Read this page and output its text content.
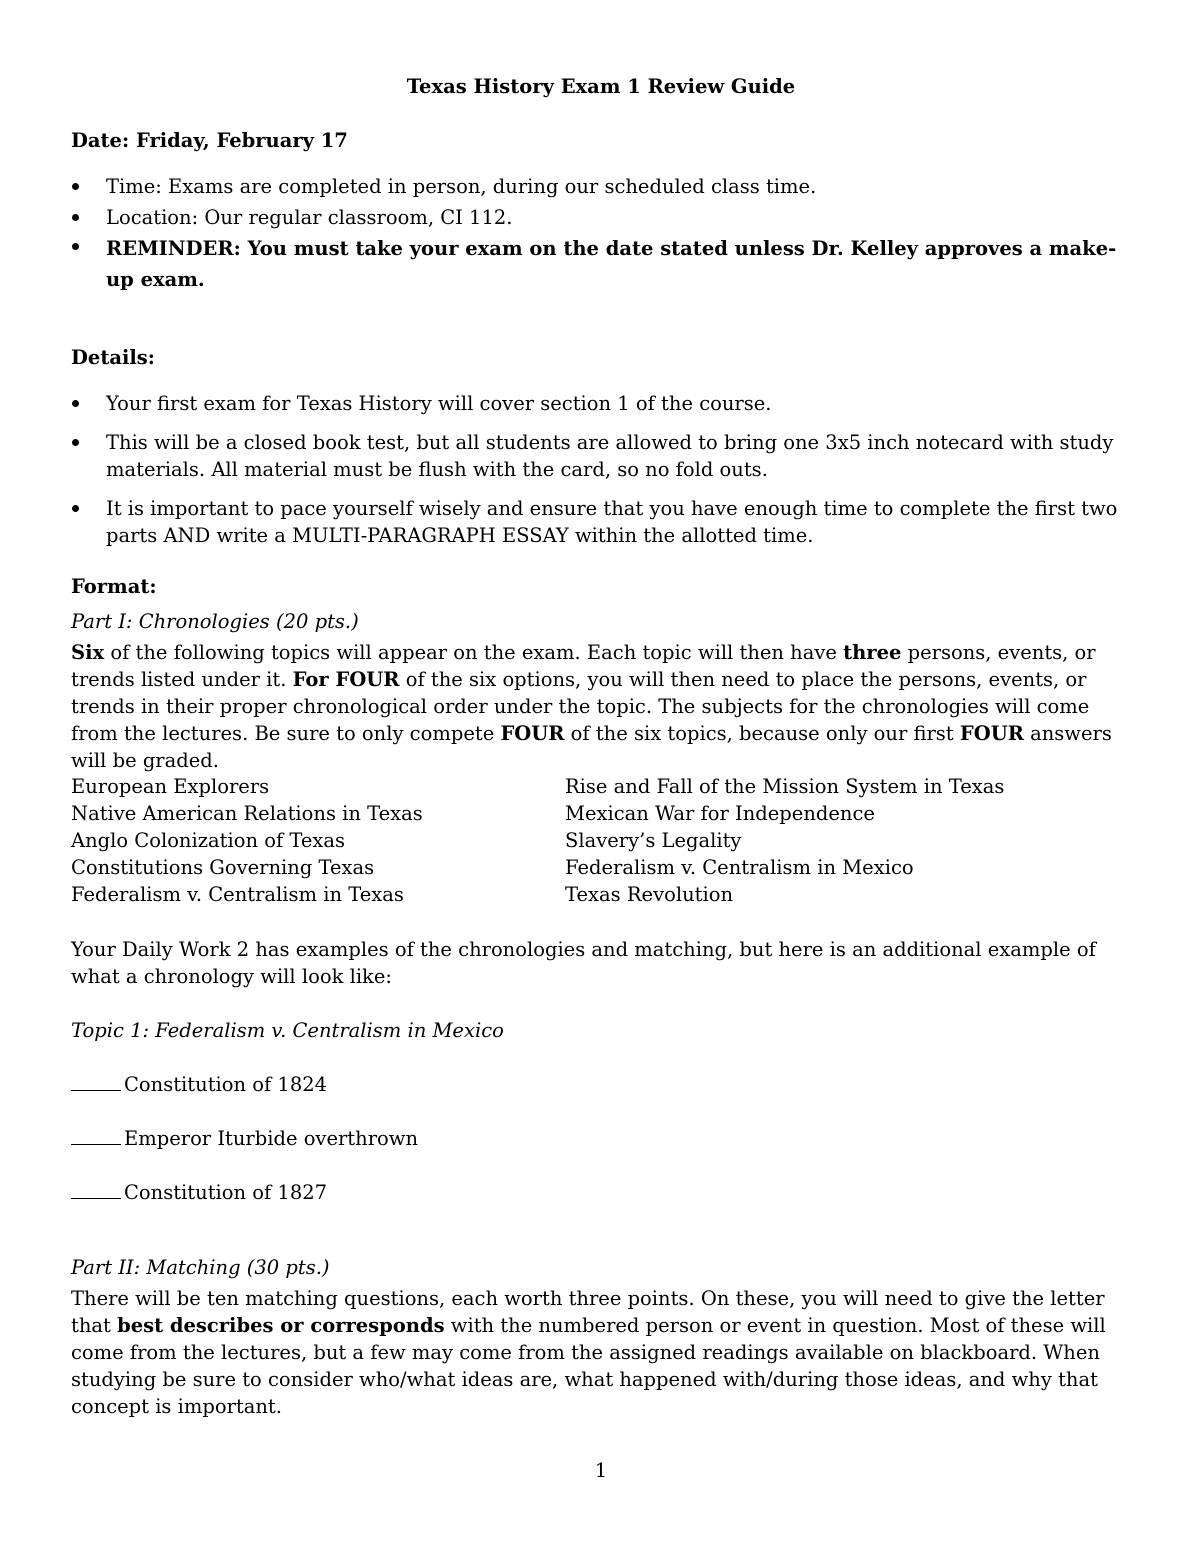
Texas History Exam 1 Review Guide
Date: Friday, February 17
Time: Exams are completed in person, during our scheduled class time.
Location: Our regular classroom, CI 112.
REMINDER: You must take your exam on the date stated unless Dr. Kelley approves a make-up exam.
Details:
Your first exam for Texas History will cover section 1 of the course.
This will be a closed book test, but all students are allowed to bring one 3x5 inch notecard with study materials. All material must be flush with the card, so no fold outs.
It is important to pace yourself wisely and ensure that you have enough time to complete the first two parts AND write a MULTI-PARAGRAPH ESSAY within the allotted time.
Format:
Part I: Chronologies (20 pts.)
Six of the following topics will appear on the exam. Each topic will then have three persons, events, or trends listed under it. For FOUR of the six options, you will then need to place the persons, events, or trends in their proper chronological order under the topic. The subjects for the chronologies will come from the lectures. Be sure to only compete FOUR of the six topics, because only our first FOUR answers will be graded.
European Explorers
Native American Relations in Texas
Anglo Colonization of Texas
Constitutions Governing Texas
Federalism v. Centralism in Texas
Rise and Fall of the Mission System in Texas
Mexican War for Independence
Slavery’s Legality
Federalism v. Centralism in Mexico
Texas Revolution
Your Daily Work 2 has examples of the chronologies and matching, but here is an additional example of what a chronology will look like:
Topic 1: Federalism v. Centralism in Mexico
Constitution of 1824
Emperor Iturbide overthrown
Constitution of 1827
Part II: Matching (30 pts.)
There will be ten matching questions, each worth three points. On these, you will need to give the letter that best describes or corresponds with the numbered person or event in question. Most of these will come from the lectures, but a few may come from the assigned readings available on blackboard. When studying be sure to consider who/what ideas are, what happened with/during those ideas, and why that concept is important.
1
